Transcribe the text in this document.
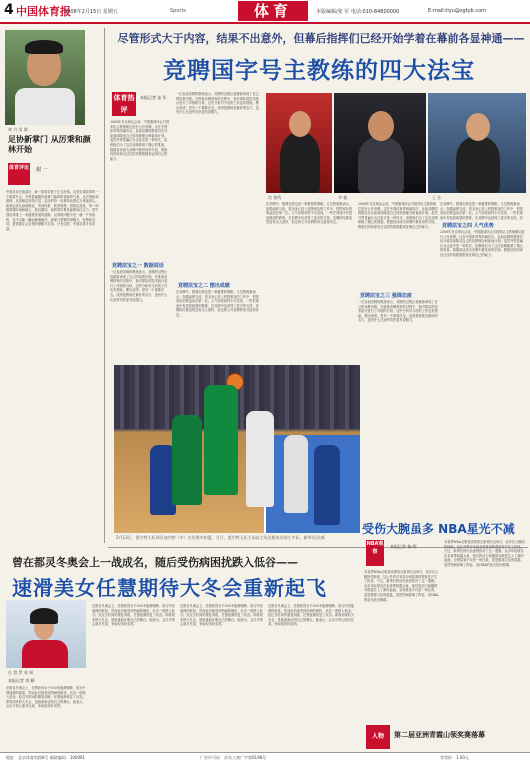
4 中国体育报
2008年2月15日 星期五	Sports	体育	本版编辑/张 军 电话:010-84800000	E-mail:tiyu@zgtyb.com
林 丹 雷 摄
足协新掌门 从厉秉和颜林开始
体育评论 谢 一
中国足协在换届后，新一届领导班子正式亮相。这是足球改革的一个重要节点，外界普遍期待新掌门能够带来新的气象。从厉秉和到颜林，从管理层到执行层，足协的每一步都牵动着亿万球迷的心。改革必须从基础做起，青训体系、联赛管理、国家队建设，每一项都需要时间和耐心。我们期待，新的领导集体能够顶住压力，把中国足球带上一条健康发展的道路。足球的问题不是一朝一夕形成的，也不可能一蹴而就地解决。新掌门需要的是魄力、智慧和坚持，更需要社会各界的理解与支持。只有这样，中国足球才有希望。
尽管形式大于内容，结果不出意外，但幕后指挥们已经开始学着在幕前各显神通——
竞聘国字号主教练的四大法宝
体育热评
本报记者 张 军
2008年北京奥运会前，中国篮球协会对国家队主教练职位进行公开竞聘。这在中国体育界尚属首次。参加竞聘的教练员在评委面前陈述自己的执教理念和备战计划。虽然外界普遍认为这更多是一种形式，但教练们为了这次竞聘都做了精心的准备。数据说话成为竞聘中最常用的手段，教练们纷纷拿出过往的执教数据来证明自己的能力。
竞聘法宝之一 数据说话
一位参加竞聘的教练表示，竞聘的过程让他重新审视了自己的执教历程。在准备竞聘材料的过程中，他对球队的技术统计进行了详细的分析，这些分析对今后的工作也有帮助。摆出成绩，是另一个重要法宝。成绩是教练员最好的名片，没有什么比冠军奖杯更有说服力。
一位参加竞聘的教练表示，竞聘的过程让他重新审视了自己的执教历程。在准备竞聘材料的过程中，他对球队的技术统计进行了详细的分析，这些分析对今后的工作也有帮助。摆出成绩，是另一个重要法宝。成绩是教练员最好的名片，没有什么比冠军奖杯更有说服力。
竞聘法宝之二 摆出成绩
在竞聘中，强调态度也是一种重要的策略。几位教练都表示，如果能够当选，将全身心投入到国家队的工作中，把国家队的利益放在第一位。人气优势同样不可忽视，一些在球迷中有很高威望的教练，在竞聘中也获得了更多的支持。竞聘的结果虽然没有出人意料，但这种公开竞聘的形式值得肯定。
宫 鲁鸣	李 楠	王 非
在竞聘中，强调态度也是一种重要的策略。几位教练都表示，如果能够当选，将全身心投入到国家队的工作中，把国家队的利益放在第一位。人气优势同样不可忽视，一些在球迷中有很高威望的教练，在竞聘中也获得了更多的支持。竞聘的结果虽然没有出人意料，但这种公开竞聘的形式值得肯定。
竞聘法宝之三 强调态度
2008年北京奥运会前，中国篮球协会对国家队主教练职位进行公开竞聘。这在中国体育界尚属首次。参加竞聘的教练员在评委面前陈述自己的执教理念和备战计划。虽然外界普遍认为这更多是一种形式，但教练们为了这次竞聘都做了精心的准备。数据说话成为竞聘中最常用的手段，教练们纷纷拿出过往的执教数据来证明自己的能力。
一位参加竞聘的教练表示，竞聘的过程让他重新审视了自己的执教历程。在准备竞聘材料的过程中，他对球队的技术统计进行了详细的分析，这些分析对今后的工作也有帮助。摆出成绩，是另一个重要法宝。成绩是教练员最好的名片，没有什么比冠军奖杯更有说服力。
竞聘法宝之四 人气优势
在竞聘中，强调态度也是一种重要的策略。几位教练都表示，如果能够当选，将全身心投入到国家队的工作中，把国家队的利益放在第一位。人气优势同样不可忽视，一些在球迷中有很高威望的教练，在竞聘中也获得了更多的支持。竞
2008年北京奥运会前，中国篮球协会对国家队主教练职位进行公开竞聘。这在中国体育界尚属首次。参加竞聘的教练员在评委面前陈述自己的执教理念和备战计划。虽然外界普遍认为这更多是一种形式，但教练们为了这次竞聘都做了精心的准备。数据说话成为竞聘中最常用的手段，教练们纷纷拿出过往的执教数据来证明自己的能力。
2月13日，凯尔特人队球员加内特（中）在比赛中扣篮。当日，凯尔特人队主场以主场击败来访的小牛队。新华社/法新
受伤大腕虽多 NBA星光不减
NBA观察
本报记者 杨 明
本赛季NBA全明星赛即将在新奥尔良举行，但多位大腕因伤缺席，这让外界对本届全明星赛的观赏性产生了担忧。不过，新秀们的出色表现弥补了这一遗憾。众多年轻球员在本赛季崭露头角，他们的活力和激情为联盟注入了新的血液。全明星赛不仅是一场比赛，更是篮球文化的盛宴。虽然伤病影响了阵容，但NBA的星光依旧璀璨。
本赛季NBA全明星赛即将在新奥尔良举行，但多位大腕因伤缺席，这让外界对本届全明星赛的观赏性产生了担忧。不过，新秀们的出色表现弥补了这一遗憾。众多年轻球员在本赛季崭露头角，他们的活力和激情为联盟注入了新的血液。全明星赛不仅是一场比赛，更是篮球文化的盛宴。虽然伤病影响了阵容，但NBA的星光依旧璀璨。
曾在都灵冬奥会上一战成名，随后受伤病困扰跌入低谷——
速滑美女任慧期待大冬会重新起飞
任 慧 罗 春 摄
本报记者 刘 颖
在都灵冬奥会上，任慧获得女子500米速滑铜牌，成为中国速滑的新星。然而此后她受到伤病的困扰，状态一度跌入低谷。经过长时间的康复训练，任慧逐渐恢复了状态。即将到来的大冬会，是她重新证明自己的舞台。她表示，会以平常心面对比赛，争取取得好成绩。
在都灵冬奥会上，任慧获得女子500米速滑铜牌，成为中国速滑的新星。然而此后她受到伤病的困扰，状态一度跌入低谷。经过长时间的康复训练，任慧逐渐恢复了状态。即将到来的大冬会，是她重新证明自己的舞台。她表示，会以平常心面对比赛，争取取得好成绩。
在都灵冬奥会上，任慧获得女子500米速滑铜牌，成为中国速滑的新星。然而此后她受到伤病的困扰，状态一度跌入低谷。经过长时间的康复训练，任慧逐渐恢复了状态。即将到来的大冬会，是她重新证明自己的舞台。她表示，会以平常心面对比赛，争取取得好成绩。
在都灵冬奥会上，任慧获得女子500米速滑铜牌，成为中国速滑的新星。然而此后她受到伤病的困扰，状态一度跌入低谷。经过长时间的康复训练，任慧逐渐恢复了状态。即将到来的大冬会，是她重新证明自己的舞台。她表示，会以平常心面对比赛，争取取得好成绩。
人物	第二届亚洲青霞山领奖赛落幕
地址：北京体育馆路8号 邮政编码：100061	广告许可证：京东工商广字第0198号	零售价：1.00元
